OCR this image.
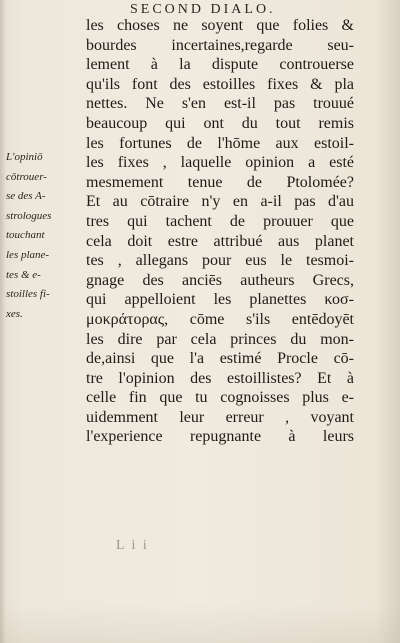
SECOND DIALO.
les choses ne soyent que folies &
bourdes incertaines,regarde seu-
lement à la dispute controuerse
qu'ils font des estoilles fixes & pla
nettes. Ne s'en est-il pas trouué
beaucoup qui ont du tout remis
les fortunes de l'hōme aux estoil-
les fixes , laquelle opinion a esté
mesmement tenue de Ptolomée?
Et au cōtraire n'y en a-il pas d'au
tres qui tachent de prouuer que
cela doit estre attribué aus planet
tes , allegans pour eus le tesmoi-
gnage des anciēs autheurs Grecs,
qui appelloient les planettes κοσ-
μοκράτορας, cōme s'ils entēdoyēt
les dire par cela princes du mon-
de,ainsi que l'a estimé Procle cō-
tre l'opinion des estoillistes? Et à
celle fin que tu cognoisses plus e-
uidemment leur erreur , voyant
l'experience repugnante à leurs
L'opiniō
cōtrouer-
se des A-
strologues
touchant
les plane-
tes & e-
stoilles fi-
xes.
L i i
